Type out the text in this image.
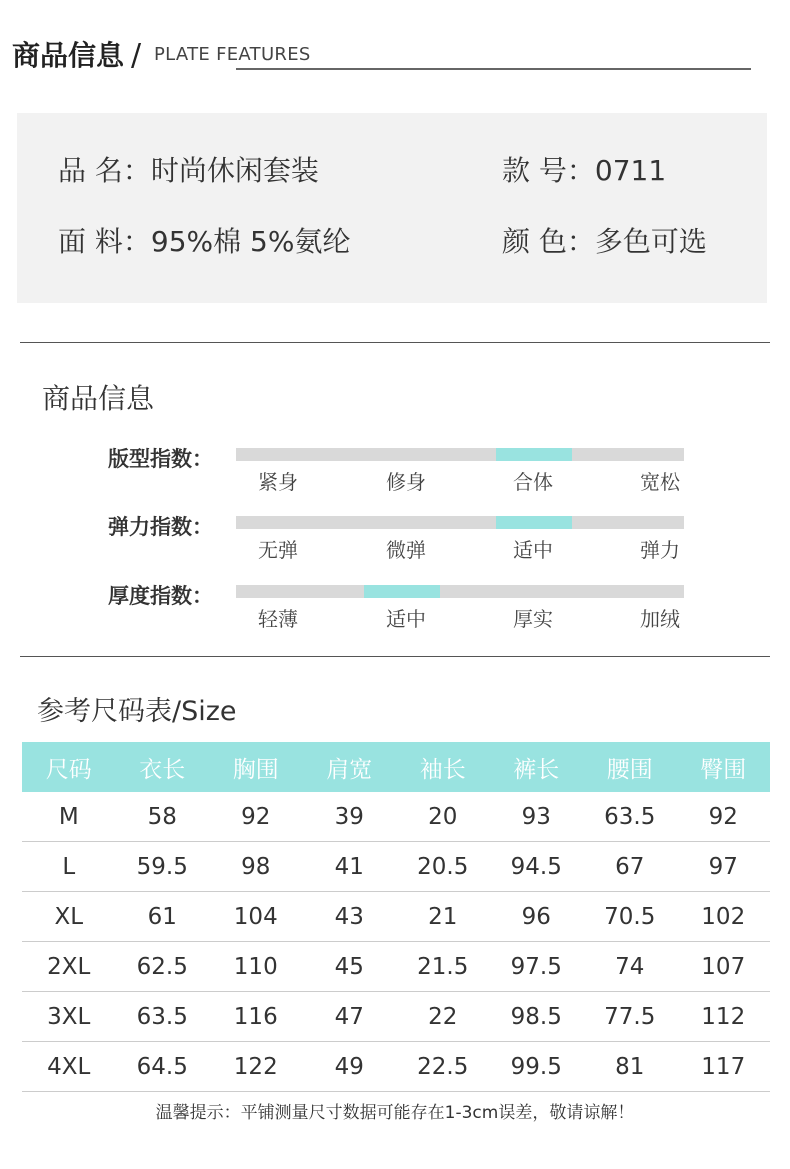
商品信息 / PLATE FEATURES
品 名：时尚休闲套装	款 号：0711
面 料：95%棉 5%氨纶	颜 色：多色可选
商品信息
版型指数：
紧身	修身	合体	宽松
弹力指数：
无弹	微弹	适中	弹力
厚度指数：
轻薄	适中	厚实	加绒
参考尺码表/Size
尺码	衣长	胸围	肩宽	袖长	裤长	腰围	臀围
M	58	92	39	20	93	63.5	92
L	59.5	98	41	20.5	94.5	67	97
XL	61	104	43	21	96	70.5	102
2XL	62.5	110	45	21.5	97.5	74	107
3XL	63.5	116	47	22	98.5	77.5	112
4XL	64.5	122	49	22.5	99.5	81	117
温馨提示：平铺测量尺寸数据可能存在1-3cm误差，敬请谅解！
